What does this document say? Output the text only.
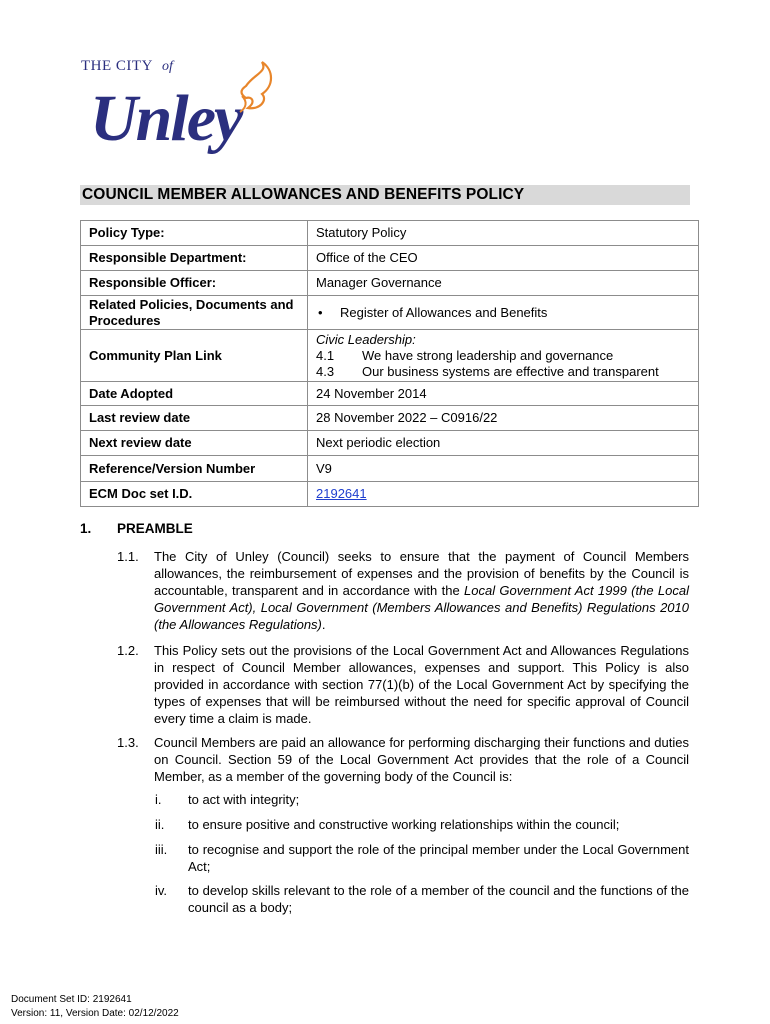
THE CITY of
Unley
COUNCIL MEMBER ALLOWANCES AND BENEFITS POLICY
Policy Type:	Statutory Policy
Responsible Department:	Office of the CEO
Responsible Officer:	Manager Governance
Related Policies, Documents and Procedures	• Register of Allowances and Benefits

Community Plan Link	Civic Leadership:
4.1 We have strong leadership and governance
4.3 Our business systems are effective and transparent

Date Adopted	24 November 2014
Last review date	28 November 2022 – C0916/22
Next review date	Next periodic election
Reference/Version Number	V9
ECM Doc set I.D.	2192641
1. PREAMBLE
1.1.	The City of Unley (Council) seeks to ensure that the payment of Council Members allowances, the reimbursement of expenses and the provision of benefits by the Council is accountable, transparent and in accordance with the Local Government Act 1999 (the Local Government Act), Local Government (Members Allowances and Benefits) Regulations 2010 (the Allowances Regulations).
1.2.	This Policy sets out the provisions of the Local Government Act and Allowances Regulations in respect of Council Member allowances, expenses and support. This Policy is also provided in accordance with section 77(1)(b) of the Local Government Act by specifying the types of expenses that will be reimbursed without the need for specific approval of Council every time a claim is made.
1.3.	Council Members are paid an allowance for performing discharging their functions and duties on Council. Section 59 of the Local Government Act provides that the role of a Council Member, as a member of the governing body of the Council is:
i.	to act with integrity;
ii.	to ensure positive and constructive working relationships within the council;
iii.	to recognise and support the role of the principal member under the Local Government Act;
iv.	to develop skills relevant to the role of a member of the council and the functions of the council as a body;
Document Set ID: 2192641
Version: 11, Version Date: 02/12/2022
